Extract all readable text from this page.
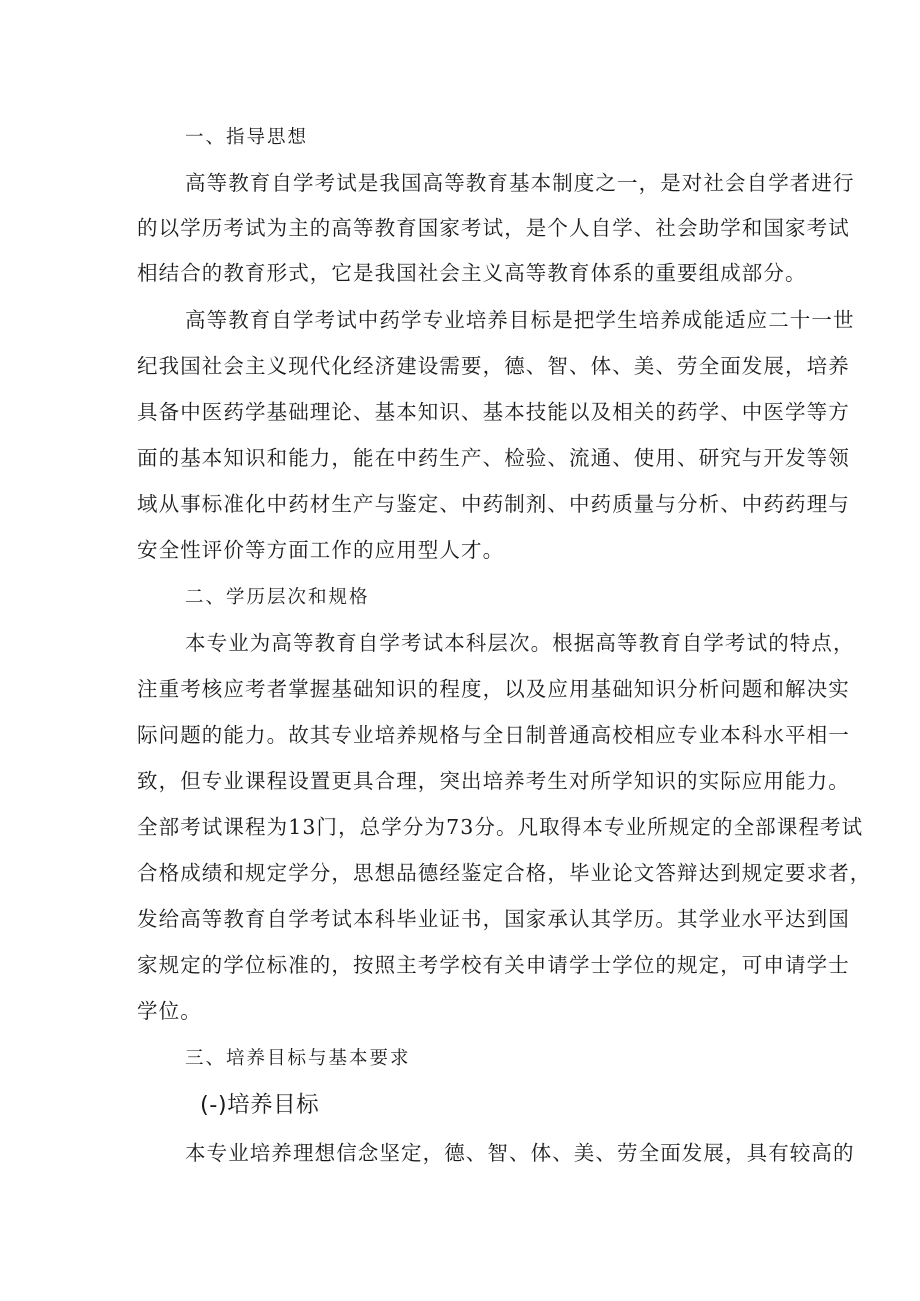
一、指导思想
高等教育自学考试是我国高等教育基本制度之一，是对社会自学者进行
的以学历考试为主的高等教育国家考试，是个人自学、社会助学和国家考试
相结合的教育形式，它是我国社会主义高等教育体系的重要组成部分。
高等教育自学考试中药学专业培养目标是把学生培养成能适应二十一世
纪我国社会主义现代化经济建设需要，德、智、体、美、劳全面发展，培养
具备中医药学基础理论、基本知识、基本技能以及相关的药学、中医学等方
面的基本知识和能力，能在中药生产、检验、流通、使用、研究与开发等领
域从事标准化中药材生产与鉴定、中药制剂、中药质量与分析、中药药理与
安全性评价等方面工作的应用型人才。
二、学历层次和规格
本专业为高等教育自学考试本科层次。根据高等教育自学考试的特点，
注重考核应考者掌握基础知识的程度，以及应用基础知识分析问题和解决实
际问题的能力。故其专业培养规格与全日制普通高校相应专业本科水平相一
致，但专业课程设置更具合理，突出培养考生对所学知识的实际应用能力。
全部考试课程为13门，总学分为73分。凡取得本专业所规定的全部课程考试
合格成绩和规定学分，思想品德经鉴定合格，毕业论文答辩达到规定要求者，
发给高等教育自学考试本科毕业证书，国家承认其学历。其学业水平达到国
家规定的学位标准的，按照主考学校有关申请学士学位的规定，可申请学士
学位。
三、培养目标与基本要求
(-)培养目标
本专业培养理想信念坚定，德、智、体、美、劳全面发展，具有较高的
